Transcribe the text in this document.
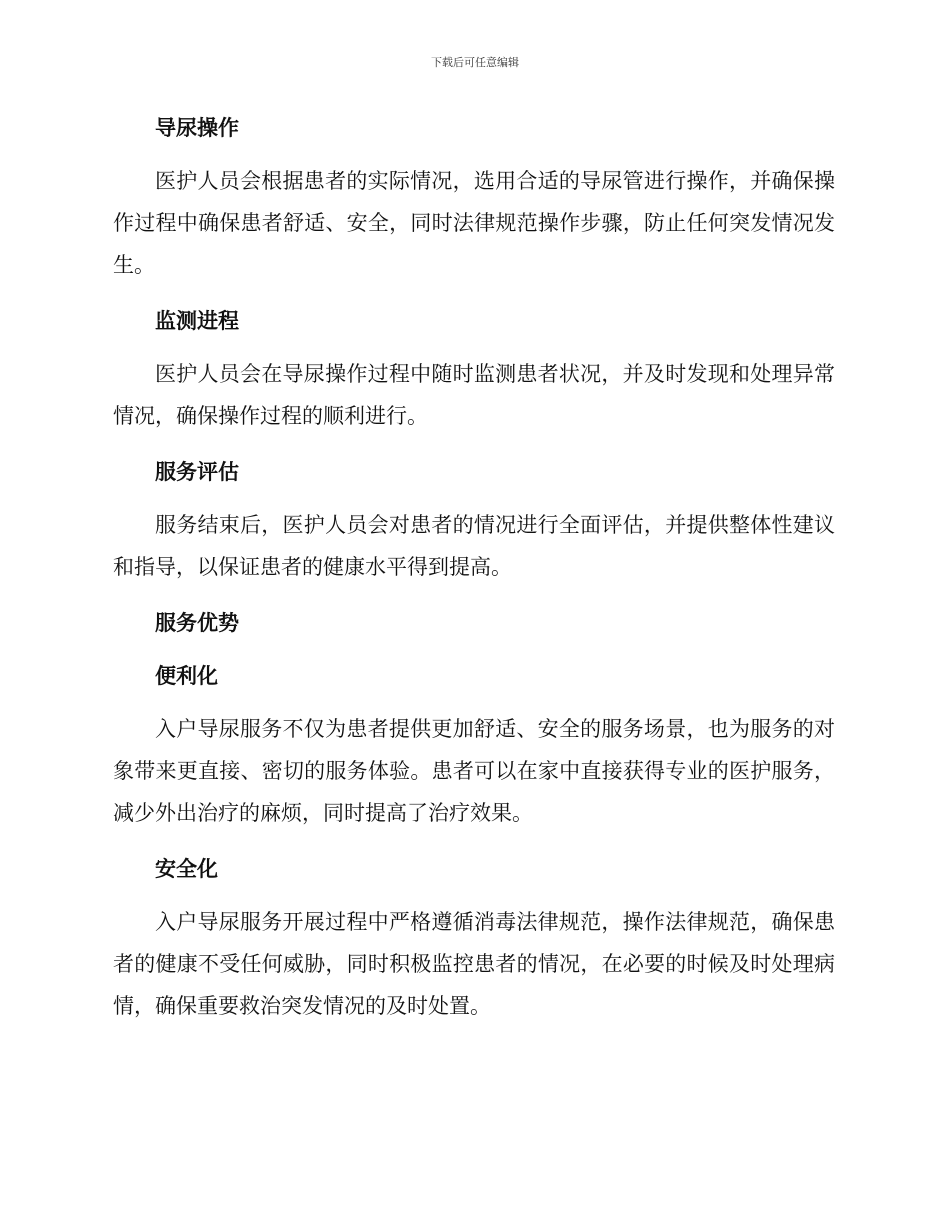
下载后可任意编辑
导尿操作

医护人员会根据患者的实际情况，选用合适的导尿管进行操作，并确保操作过程中确保患者舒适、安全，同时法律规范操作步骤，防止任何突发情况发生。

监测进程

医护人员会在导尿操作过程中随时监测患者状况，并及时发现和处理异常情况，确保操作过程的顺利进行。

服务评估

服务结束后，医护人员会对患者的情况进行全面评估，并提供整体性建议和指导，以保证患者的健康水平得到提高。

服务优势
便利化

入户导尿服务不仅为患者提供更加舒适、安全的服务场景，也为服务的对象带来更直接、密切的服务体验。患者可以在家中直接获得专业的医护服务，减少外出治疗的麻烦，同时提高了治疗效果。

安全化

入户导尿服务开展过程中严格遵循消毒法律规范，操作法律规范，确保患者的健康不受任何威胁，同时积极监控患者的情况，在必要的时候及时处理病情，确保重要救治突发情况的及时处置。
